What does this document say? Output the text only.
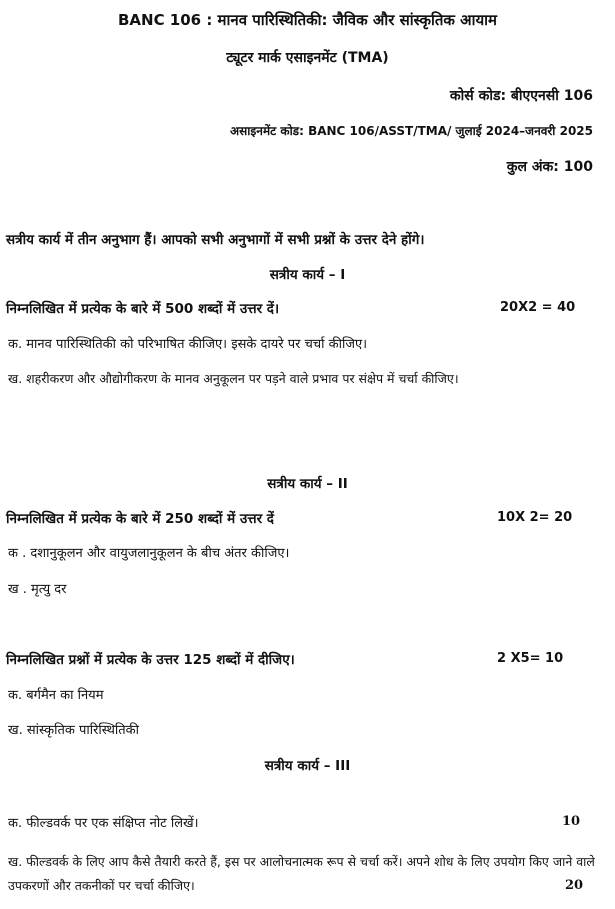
BANC 106 : मानव पारिस्थितिकी: जैविक और सांस्कृतिक आयाम
ट्यूटर मार्क एसाइनमेंट (TMA)
कोर्स कोड: बीएएनसी 106
असाइनमेंट कोड: BANC 106/ASST/TMA/ जुलाई 2024–जनवरी 2025
कुल अंक: 100
सत्रीय कार्य में तीन अनुभाग हैं। आपको सभी अनुभागों में सभी प्रश्नों के उत्तर देने होंगे।
सत्रीय कार्य – I
निम्नलिखित में प्रत्येक के बारे में 500 शब्दों में उत्तर दें।	20X2 = 40
क. मानव पारिस्थितिकी को परिभाषित कीजिए। इसके दायरे पर चर्चा कीजिए।
ख. शहरीकरण और औद्योगीकरण के मानव अनुकूलन पर पड़ने वाले प्रभाव पर संक्षेप में चर्चा कीजिए।
सत्रीय कार्य – II
निम्नलिखित में प्रत्येक के बारे में 250 शब्दों में उत्तर दें	10X 2= 20
क . दशानुकूलन और वायुजलानुकूलन के बीच अंतर कीजिए।
ख . मृत्यु दर
निम्नलिखित प्रश्नों में प्रत्येक के उत्तर 125 शब्दों में दीजिए।	2 X5= 10
क. बर्गमैन का नियम
ख. सांस्कृतिक पारिस्थितिकी
सत्रीय कार्य – III
क. फील्डवर्क पर एक संक्षिप्त नोट लिखें।	10
ख. फील्डवर्क के लिए आप कैसे तैयारी करते हैं, इस पर आलोचनात्मक रूप से चर्चा करें। अपने शोध के लिए उपयोग किए जाने वाले उपकरणों और तकनीकों पर चर्चा कीजिए।	20
